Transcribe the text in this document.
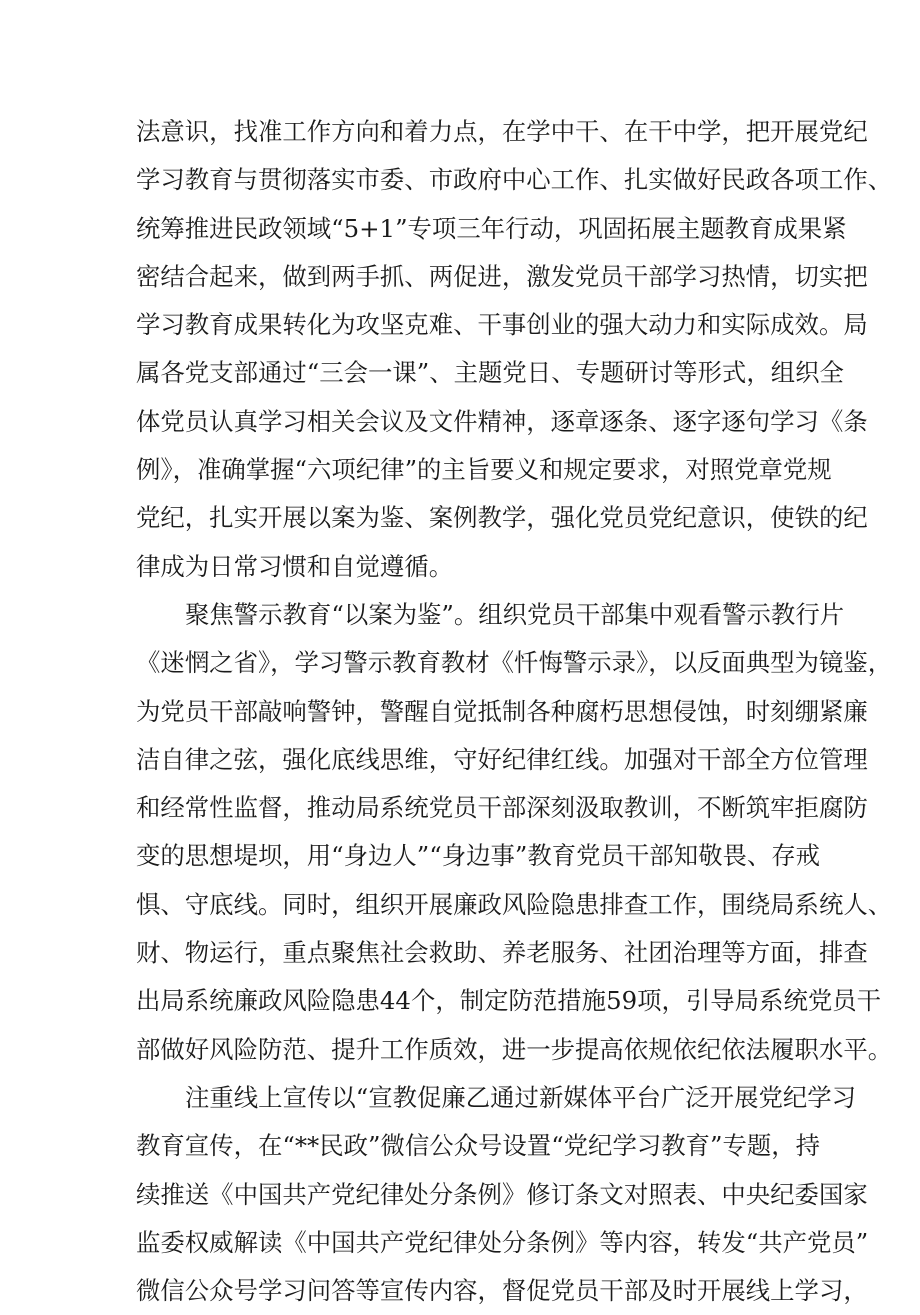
法意识，找准工作方向和着力点，在学中干、在干中学，把开展党纪
学习教育与贯彻落实市委、市政府中心工作、扎实做好民政各项工作、
统筹推进民政领域“5+1”专项三年行动，巩固拓展主题教育成果紧
密结合起来，做到两手抓、两促进，激发党员干部学习热情，切实把
学习教育成果转化为攻坚克难、干事创业的强大动力和实际成效。局
属各党支部通过“三会一课”、主题党日、专题研讨等形式，组织全
体党员认真学习相关会议及文件精神，逐章逐条、逐字逐句学习《条
例》，准确掌握“六项纪律”的主旨要义和规定要求，对照党章党规
党纪，扎实开展以案为鉴、案例教学，强化党员党纪意识，使铁的纪
律成为日常习惯和自觉遵循。
聚焦警示教育“以案为鉴”。组织党员干部集中观看警示教行片
《迷惘之省》，学习警示教育教材《忏悔警示录》，以反面典型为镜鉴，
为党员干部敲响警钟，警醒自觉抵制各种腐朽思想侵蚀，时刻绷紧廉
洁自律之弦，强化底线思维，守好纪律红线。加强对干部全方位管理
和经常性监督，推动局系统党员干部深刻汲取教训，不断筑牢拒腐防
变的思想堤坝，用“身边人”“身边事”教育党员干部知敬畏、存戒
惧、守底线。同时，组织开展廉政风险隐患排查工作，围绕局系统人、
财、物运行，重点聚焦社会救助、养老服务、社团治理等方面，排查
出局系统廉政风险隐患44个，制定防范措施59项，引导局系统党员干
部做好风险防范、提升工作质效，进一步提高依规依纪依法履职水平。
注重线上宣传以“宣教促廉乙通过新媒体平台广泛开展党纪学习
教育宣传，在“**民政”微信公众号设置“党纪学习教育”专题，持
续推送《中国共产党纪律处分条例》修订条文对照表、中央纪委国家
监委权威解读《中国共产党纪律处分条例》等内容，转发“共产党员”
微信公众号学习问答等宣传内容，督促党员干部及时开展线上学习，
